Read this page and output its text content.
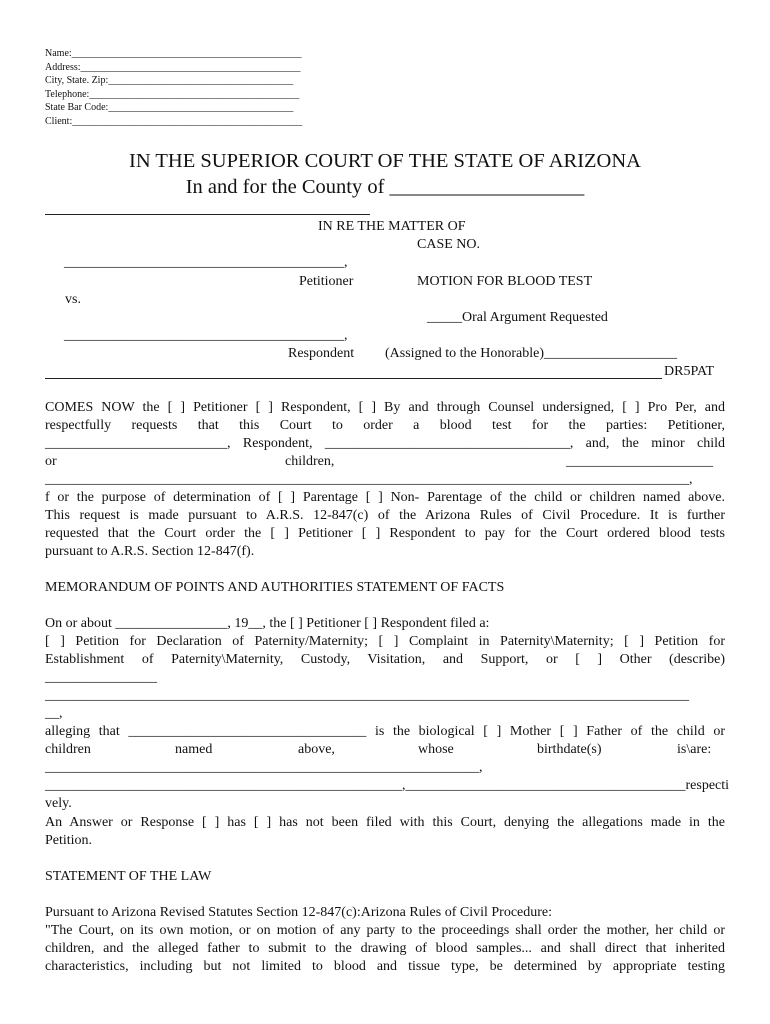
Name:______________________________________________
Address:____________________________________________
City, State. Zip:_____________________________________
Telephone:__________________________________________
State Bar Code:_____________________________________
Client:______________________________________________
IN THE SUPERIOR COURT OF THE STATE OF ARIZONA
In and for the County of ___________________
IN RE THE MATTER OF
CASE NO.
________________________________________,
Petitioner	MOTION FOR BLOOD TEST
vs.
_____Oral Argument Requested
________________________________________,
Respondent (Assigned to the Honorable)___________________
DR5PAT
COMES NOW the [ ] Petitioner [ ] Respondent, [ ] By and through Counsel undersigned, [ ] Pro Per, and
respectfully requests that this Court to order a blood test for the parties: Petitioner,
__________________________, Respondent, ___________________________________, and, the minor child
or	children,	_____________________
____________________________________________________________________________________________,
f or the purpose of determination of [ ] Parentage [ ] Non- Parentage of the child or children named above.
This request is made pursuant to A.R.S. 12-847(c) of the Arizona Rules of Civil Procedure. It is further
requested that the Court order the [ ] Petitioner [ ] Respondent to pay for the Court ordered blood tests
pursuant to A.R.S. Section 12-847(f).
MEMORANDUM OF POINTS AND AUTHORITIES STATEMENT OF FACTS
On or about ________________, 19__, the [ ] Petitioner [ ] Respondent filed a:
[ ] Petition for Declaration of Paternity/Maternity; [ ] Complaint in Paternity\Maternity; [ ] Petition for
Establishment of Paternity\Maternity, Custody, Visitation, and Support, or [ ] Other (describe)
________________
____________________________________________________________________________________________
__,
alleging that __________________________________ is the biological [ ] Mother [ ] Father of the child or
children	named	above,	whose	birthdate(s)	is\are:
______________________________________________________________,
___________________________________________________,________________________________________respecti
vely.
An Answer or Response [ ] has [ ] has not been filed with this Court, denying the allegations made in the
Petition.
STATEMENT OF THE LAW
Pursuant to Arizona Revised Statutes Section 12-847(c):Arizona Rules of Civil Procedure:
"The Court, on its own motion, or on motion of any party to the proceedings shall order the mother, her child or
children, and the alleged father to submit to the drawing of blood samples... and shall direct that inherited
characteristics, including but not limited to blood and tissue type, be determined by appropriate testing
